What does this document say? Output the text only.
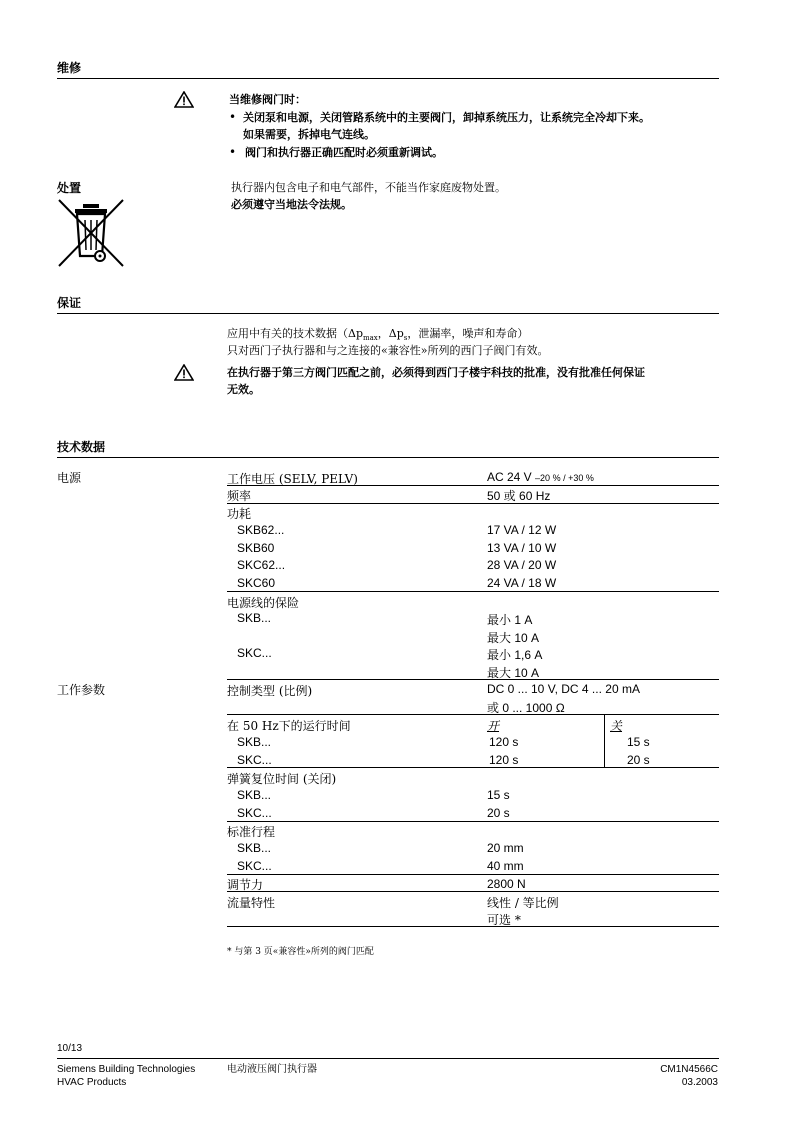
维修
当维修阀门时：
• 关闭泵和电源，关闭管路系统中的主要阀门，卸掉系统压力，让系统完全冷却下来。
如果需要，拆掉电气连线。
• 阀门和执行器正确匹配时必须重新调试。
处置	执行器内包含电子和电气部件，不能当作家庭废物处置。
必须遵守当地法令法规。
保证
应用中有关的技术数据（$\Delta p_{max}$，$\Delta p_s$，泄漏率，噪声和寿命）
只对西门子执行器和与之连接的«兼容性»所列的西门子阀门有效。
在执行器于第三方阀门匹配之前，必须得到西门子楼宇科技的批准，没有批准任何保证
无效。
技术数据
电源	工作电压 (SELV, PELV)	AC 24 V –20 % / +30 %
频率	50 或 60 Hz
功耗
SKB62...	17 VA / 12 W
SKB60	13 VA / 10 W
SKC62...	28 VA / 20 W
SKC60	24 VA / 18 W
电源线的保险
SKB...	最小 1 A
最大 10 A
SKC...	最小 1,6 A
最大 10 A
工作参数	控制类型 (比例)	DC 0 ... 10 V, DC 4 ... 20 mA
或 0 ... 1000 Ω
在 50 Hz下的运行时间	开	关
SKB...	120 s	15 s
SKC...	120 s	20 s
弹簧复位时间 (关闭)
SKB...	15 s
SKC...	20 s
标准行程
SKB...	20 mm
SKC...	40 mm
调节力	2800 N
流量特性	线性 / 等比例
可选 *
* 与第 3 页«兼容性»所列的阀门匹配
10/13
Siemens Building Technologies
HVAC Products
电动液压阀门执行器	CM1N4566C
03.2003
